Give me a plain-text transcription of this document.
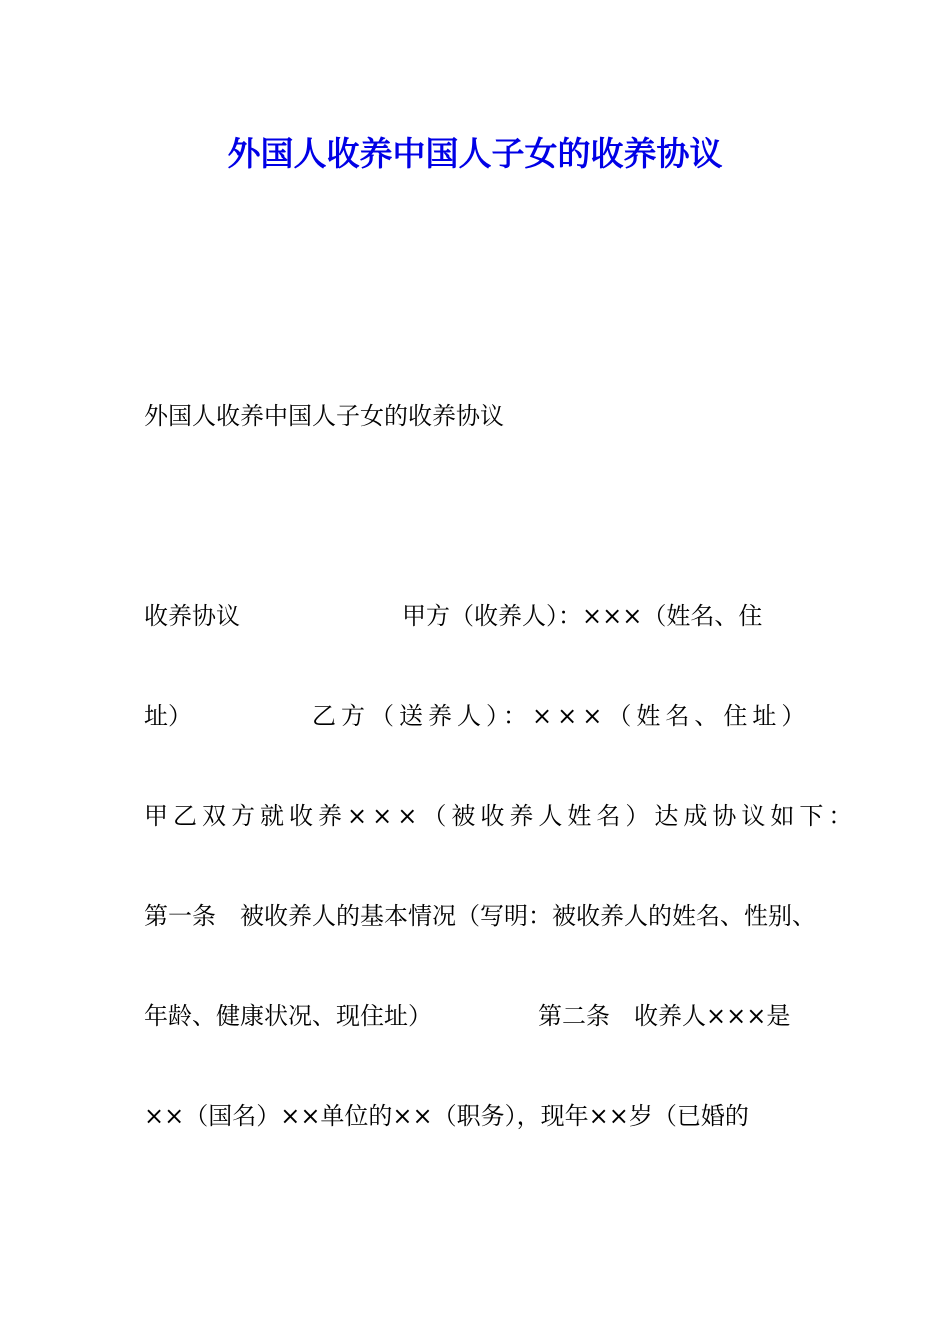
外国人收养中国人子女的收养协议

外国人收养中国人子女的收养协议

收养协议	甲方（收养人）：×××（姓名、住
址）	乙方（送养人）：×××（姓名、住址）

甲乙双方就收养×××（被收养人姓名）达成协议如下：

第一条　被收养人的基本情况（写明：被收养人的姓名、性别、

年龄、健康状况、现住址）	第二条　收养人×××是

××（国名）××单位的××（职务），现年××岁（已婚的
